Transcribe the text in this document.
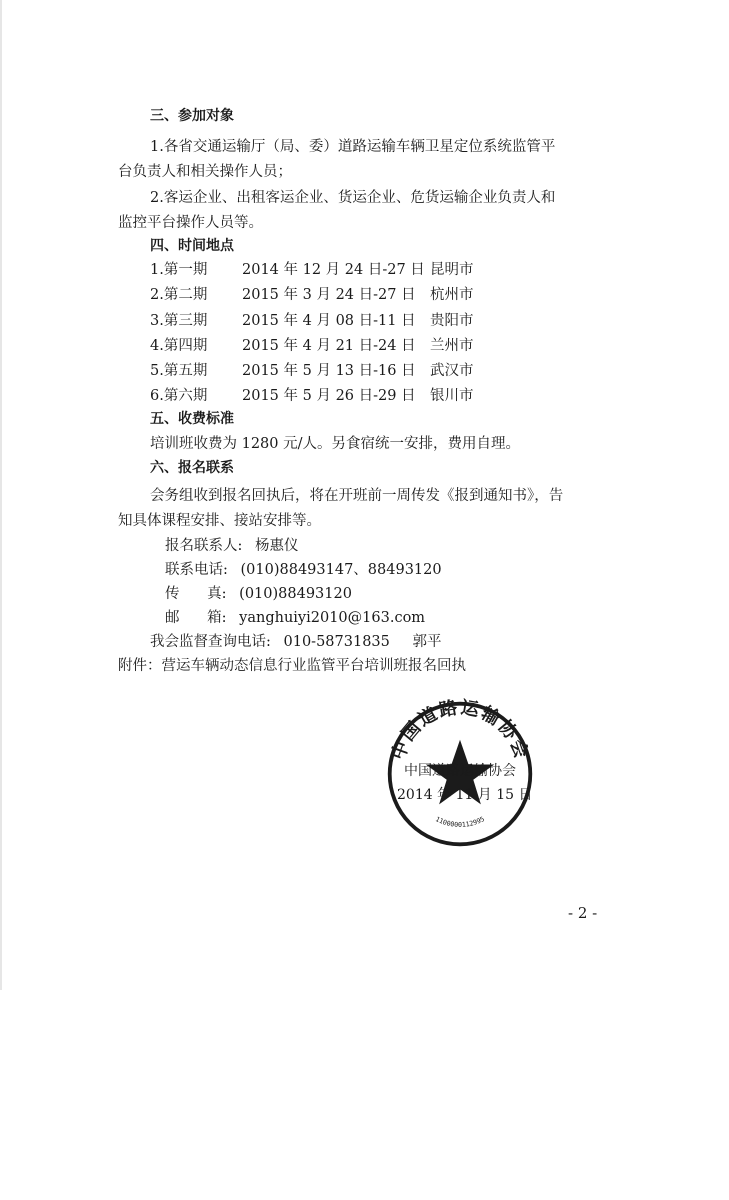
三、参加对象
1.各省交通运输厅（局、委）道路运输车辆卫星定位系统监管平
台负责人和相关操作人员；
2.客运企业、出租客运企业、货运企业、危货运输企业负责人和
监控平台操作人员等。
四、时间地点
1.第一期 2014 年 12 月 24 日-27 日 昆明市
2.第二期 2015 年 3 月 24 日-27 日 杭州市
3.第三期 2015 年 4 月 08 日-11 日 贵阳市
4.第四期 2015 年 4 月 21 日-24 日 兰州市
5.第五期 2015 年 5 月 13 日-16 日 武汉市
6.第六期 2015 年 5 月 26 日-29 日 银川市
五、收费标准
培训班收费为 1280 元/人。另食宿统一安排，费用自理。
六、报名联系
会务组收到报名回执后，将在开班前一周传发《报到通知书》，告
知具体课程安排、接站安排等。
报名联系人: 杨惠仪
联系电话: (010)88493147、88493120
传      真: (010)88493120
邮      箱: yanghuiyi2010@163.com
我会监督查询电话: 010-58731835 郭平
附件：营运车辆动态信息行业监管平台培训班报名回执
中国道路运输协会
1100000112995
中国道路运输协会
2014 年 11 月 15 日
- 2 -
